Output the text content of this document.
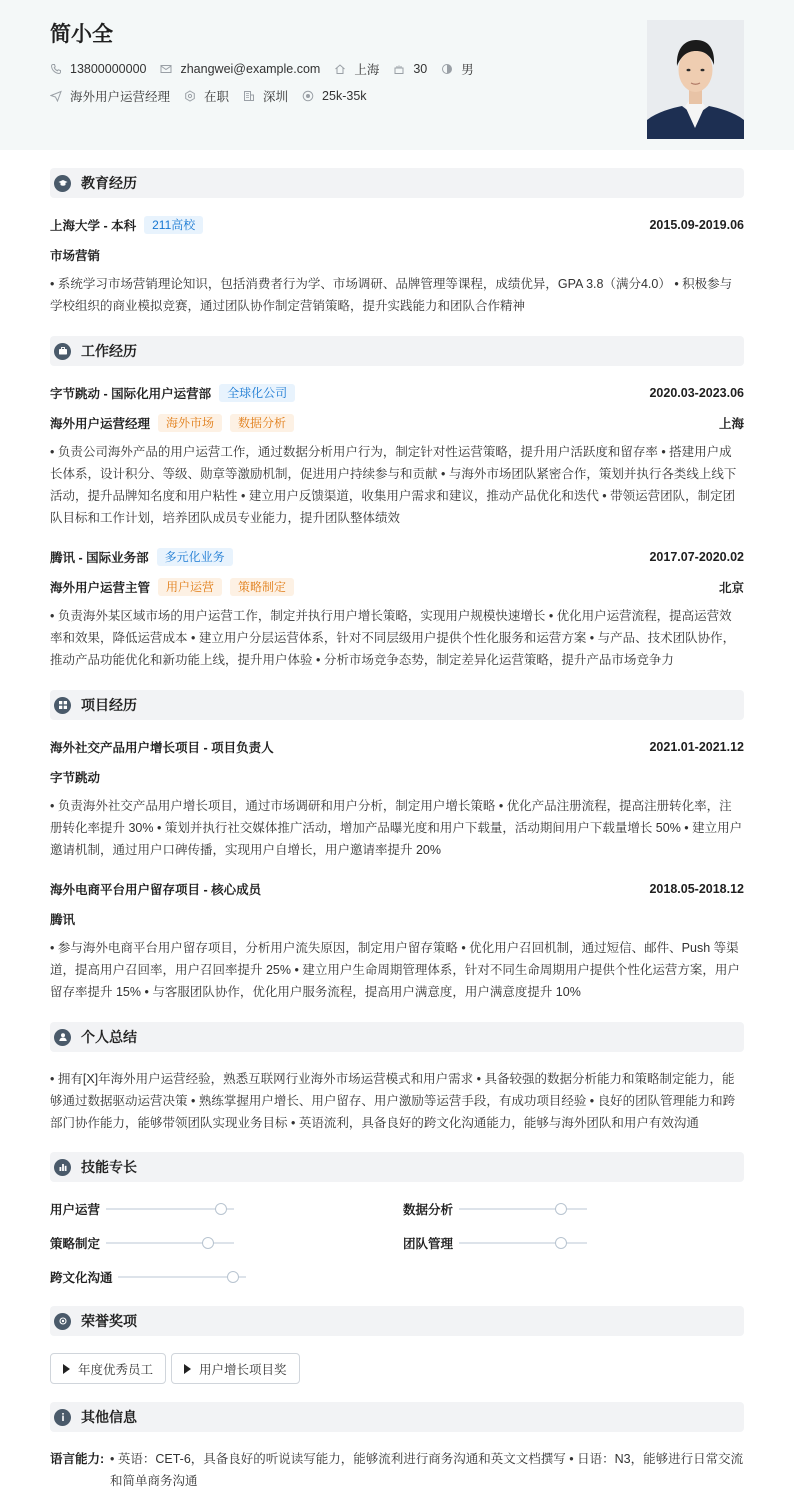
简小全
13800000000	zhangwei@example.com	上海	30	男
海外用户运营经理	在职	深圳	25k-35k
教育经历
上海大学 - 本科	211高校	2015.09-2019.06
市场营销
• 系统学习市场营销理论知识，包括消费者行为学、市场调研、品牌管理等课程，成绩优异，GPA 3.8（满分4.0） • 积极参与学校组织的商业模拟竞赛，通过团队协作制定营销策略，提升实践能力和团队合作精神
工作经历
字节跳动 - 国际化用户运营部	全球化公司	2020.03-2023.06
海外用户运营经理	海外市场	数据分析	上海
• 负责公司海外产品的用户运营工作，通过数据分析用户行为，制定针对性运营策略，提升用户活跃度和留存率 • 搭建用户成长体系，设计积分、等级、勋章等激励机制，促进用户持续参与和贡献 • 与海外市场团队紧密合作，策划并执行各类线上线下活动，提升品牌知名度和用户粘性 • 建立用户反馈渠道，收集用户需求和建议，推动产品优化和迭代 • 带领运营团队，制定团队目标和工作计划，培养团队成员专业能力，提升团队整体绩效
腾讯 - 国际业务部	多元化业务	2017.07-2020.02
海外用户运营主管	用户运营	策略制定	北京
• 负责海外某区域市场的用户运营工作，制定并执行用户增长策略，实现用户规模快速增长 • 优化用户运营流程，提高运营效率和效果，降低运营成本 • 建立用户分层运营体系，针对不同层级用户提供个性化服务和运营方案 • 与产品、技术团队协作，推动产品功能优化和新功能上线，提升用户体验 • 分析市场竞争态势，制定差异化运营策略，提升产品市场竞争力
项目经历
海外社交产品用户增长项目 - 项目负责人	2021.01-2021.12
字节跳动
• 负责海外社交产品用户增长项目，通过市场调研和用户分析，制定用户增长策略 • 优化产品注册流程，提高注册转化率，注册转化率提升 30% • 策划并执行社交媒体推广活动，增加产品曝光度和用户下载量，活动期间用户下载量增长 50% • 建立用户邀请机制，通过用户口碑传播，实现用户自增长，用户邀请率提升 20%
海外电商平台用户留存项目 - 核心成员	2018.05-2018.12
腾讯
• 参与海外电商平台用户留存项目，分析用户流失原因，制定用户留存策略 • 优化用户召回机制，通过短信、邮件、Push 等渠道，提高用户召回率，用户召回率提升 25% • 建立用户生命周期管理体系，针对不同生命周期用户提供个性化运营方案，用户留存率提升 15% • 与客服团队协作，优化用户服务流程，提高用户满意度，用户满意度提升 10%
个人总结
• 拥有[X]年海外用户运营经验，熟悉互联网行业海外市场运营模式和用户需求 • 具备较强的数据分析能力和策略制定能力，能够通过数据驱动运营决策 • 熟练掌握用户增长、用户留存、用户激励等运营手段，有成功项目经验 • 良好的团队管理能力和跨部门协作能力，能够带领团队实现业务目标 • 英语流利，具备良好的跨文化沟通能力，能够与海外团队和用户有效沟通
技能专长
用户运营	数据分析
策略制定	团队管理
跨文化沟通
荣誉奖项
年度优秀员工	用户增长项目奖
其他信息
语言能力: • 英语：CET-6，具备良好的听说读写能力，能够流利进行商务沟通和英文文档撰写 • 日语：N3，能够进行日常交流和简单商务沟通
